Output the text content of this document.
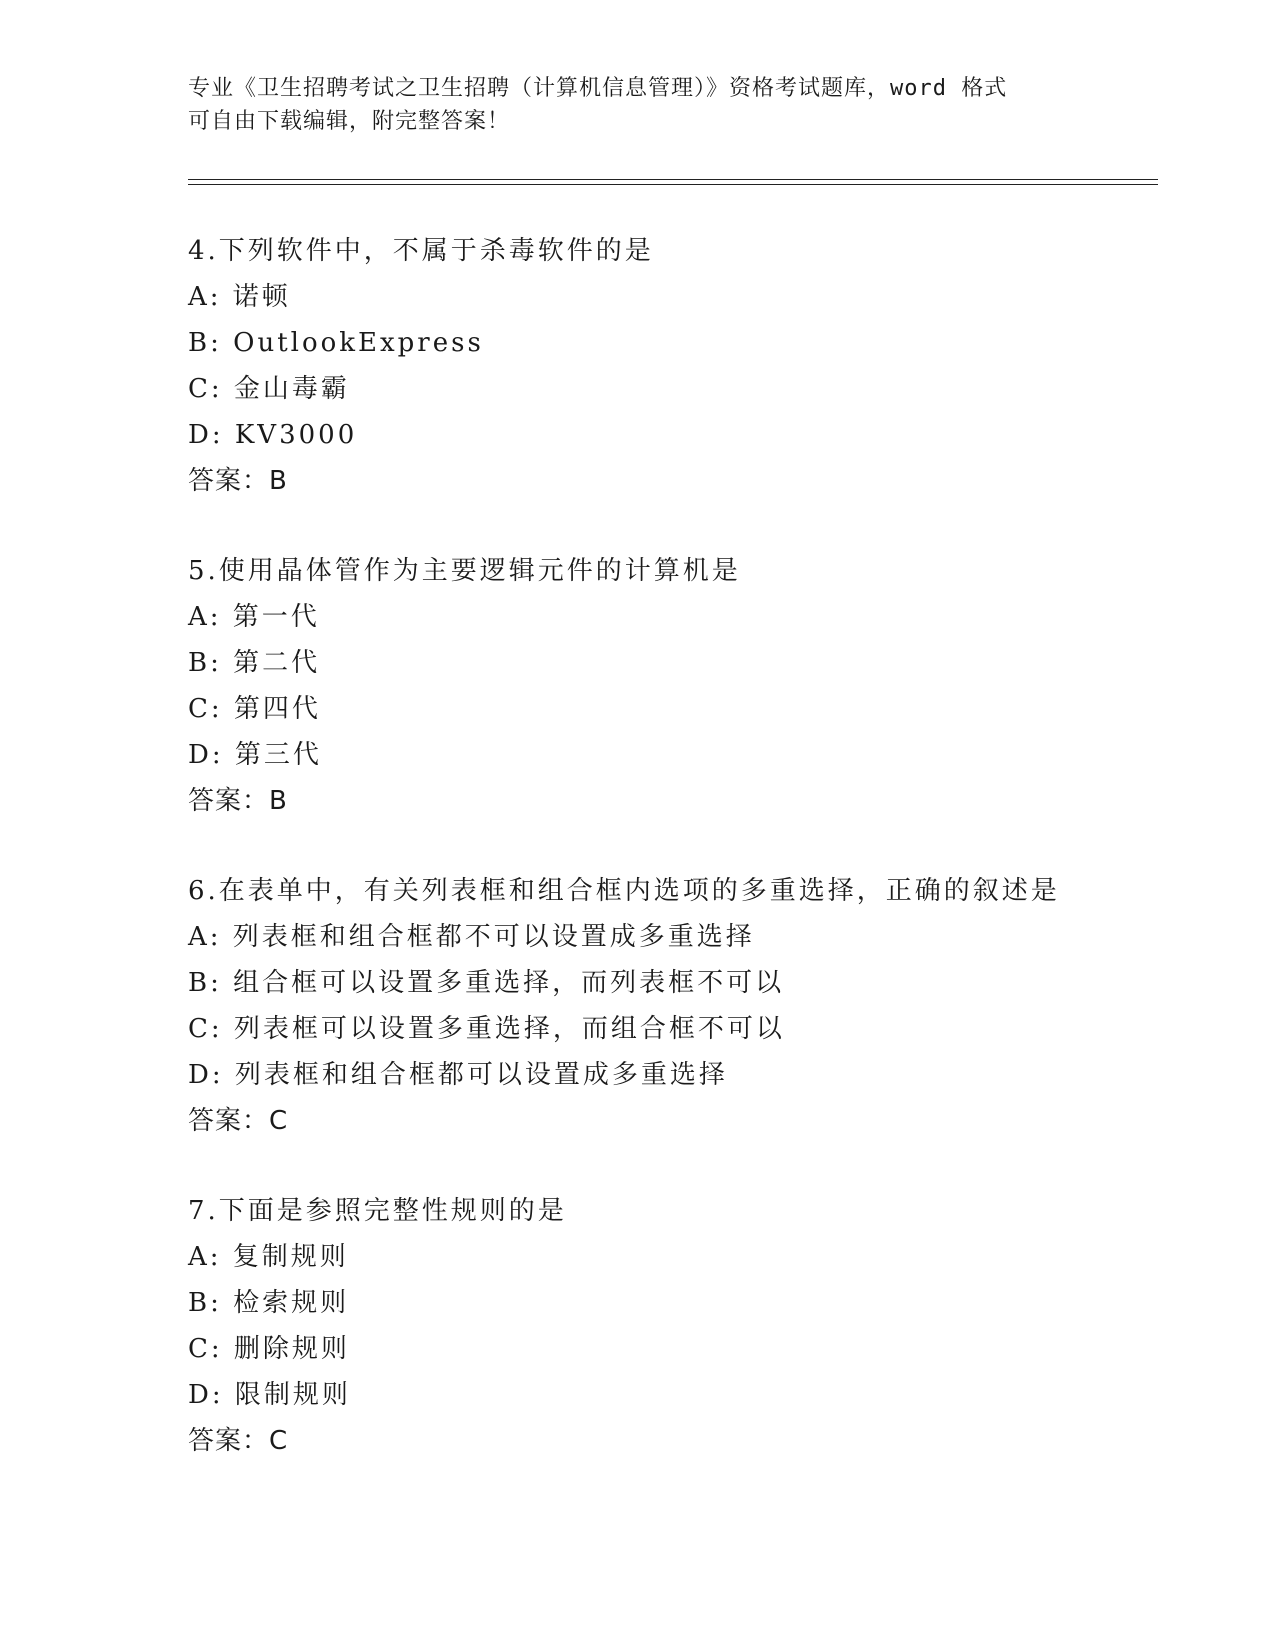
专业《卫生招聘考试之卫生招聘（计算机信息管理）》资格考试题库，word 格式
可自由下载编辑，附完整答案！
4.下列软件中，不属于杀毒软件的是
A: 诺顿
B: OutlookExpress
C: 金山毒霸
D: KV3000
答案：B
5.使用晶体管作为主要逻辑元件的计算机是
A: 第一代
B: 第二代
C: 第四代
D: 第三代
答案：B
6.在表单中，有关列表框和组合框内选项的多重选择，正确的叙述是
A: 列表框和组合框都不可以设置成多重选择
B: 组合框可以设置多重选择，而列表框不可以
C: 列表框可以设置多重选择，而组合框不可以
D: 列表框和组合框都可以设置成多重选择
答案：C
7.下面是参照完整性规则的是
A: 复制规则
B: 检索规则
C: 删除规则
D: 限制规则
答案：C
